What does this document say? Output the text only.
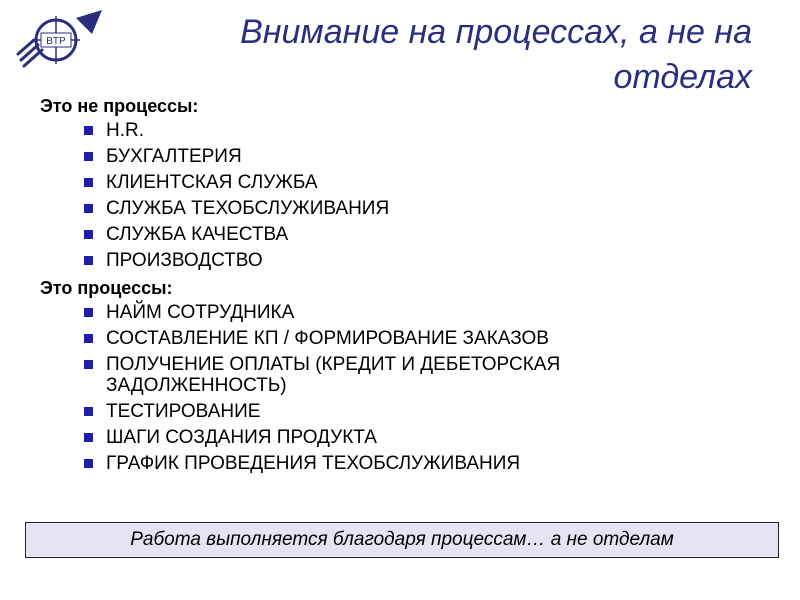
BTP	Внимание на процессах, а не на отделах

Это не процессы:

H.R.
БУХГАЛТЕРИЯ
КЛИЕНТСКАЯ СЛУЖБА
СЛУЖБА ТЕХОБСЛУЖИВАНИЯ
СЛУЖБА КАЧЕСТВА
ПРОИЗВОДСТВО

Это процессы:

НАЙМ СОТРУДНИКА
СОСТАВЛЕНИЕ КП / ФОРМИРОВАНИЕ ЗАКАЗОВ
ПОЛУЧЕНИЕ ОПЛАТЫ (КРЕДИТ И ДЕБЕТОРСКАЯ ЗАДОЛЖЕННОСТЬ)
ТЕСТИРОВАНИЕ
ШАГИ СОЗДАНИЯ ПРОДУКТА
ГРАФИК ПРОВЕДЕНИЯ ТЕХОБСЛУЖИВАНИЯ
Работа выполняется благодаря процессам… а не отделам
